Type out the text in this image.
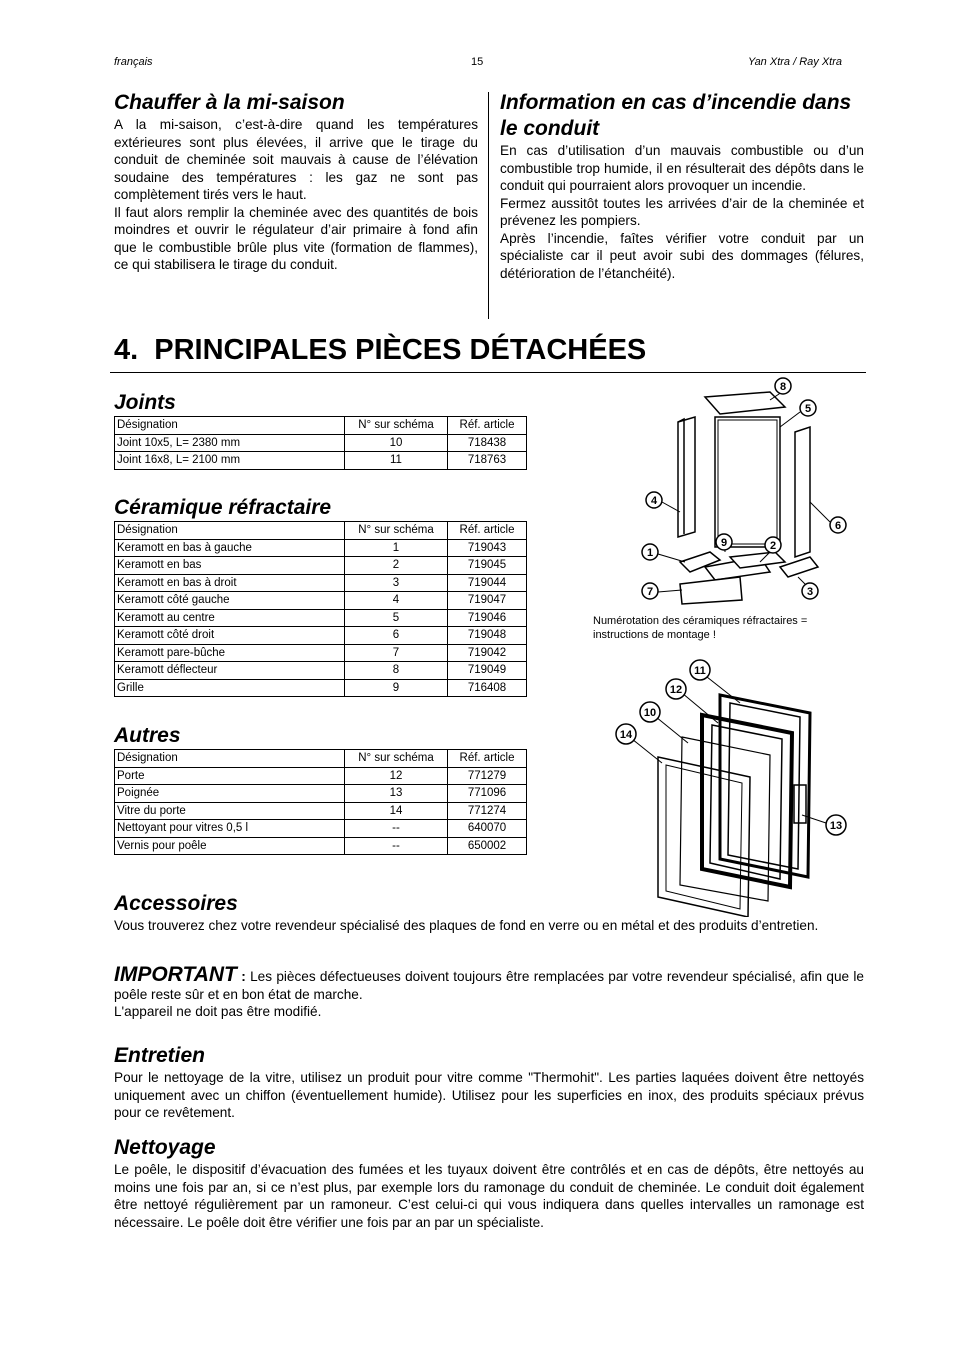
français	15	Yan Xtra / Ray Xtra
Chauffer à la mi-saison

A la mi-saison, c’est-à-dire quand les températures extérieures sont plus élevées, il arrive que le tirage du conduit de cheminée soit mauvais à cause de l’élévation soudaine des températures : les gaz ne sont pas complètement tirés vers le haut.

Il faut alors remplir la cheminée avec des quantités de bois moindres et ouvrir le régulateur d’air primaire à fond afin que le combustible brûle plus vite (formation de flammes), ce qui stabilisera le tirage du conduit.

Information en cas d’incendie dans le conduit

En cas d’utilisation d’un mauvais combustible ou d’un combustible trop humide, il en résulterait des dépôts dans le conduit qui pourraient alors provoquer un incendie.

Fermez aussitôt toutes les arrivées d’air de la cheminée et prévenez les pompiers.

Après l’incendie, faîtes vérifier votre conduit par un spécialiste car il peut avoir subi des dommages (félures, détérioration de l’étanchéité).

4. PRINCIPALES PIÈCES DÉTACHÉES
Joints
Désignation	N° sur schéma	Réf. article
Joint 10x5, L= 2380 mm	10	718438
Joint 16x8, L= 2100 mm	11	718763
Céramique réfractaire
Désignation	N° sur schéma	Réf. article
Keramott en bas à gauche	1	719043
Keramott en bas	2	719045
Keramott en bas à droit	3	719044
Keramott côté gauche	4	719047
Keramott au centre	5	719046
Keramott côté droit	6	719048
Keramott pare-bûche	7	719042
Keramott déflecteur	8	719049
Grille	9	716408
Autres
Désignation	N° sur schéma	Réf. article
Porte	12	771279
Poignée	13	771096
Vitre du porte	14	771274
Nettoyant pour vitres 0,5 l	--	640070
Vernis pour poêle	--	650002
8
5
4
6
9	2
1
7	3
Numérotation des céramiques réfractaires = instructions de montage !
11
12
10
14
13
Accessoires

Vous trouverez chez votre revendeur spécialisé des plaques de fond en verre ou en métal et des produits d’entretien.

IMPORTANT : Les pièces défectueuses doivent toujours être remplacées par votre revendeur spécialisé, afin que le poêle reste sûr et en bon état de marche.

L'appareil ne doit pas être modifié.

Entretien

Pour le nettoyage de la vitre, utilisez un produit pour vitre comme "Thermohit". Les parties laquées doivent être nettoyés uniquement avec un chiffon (éventuellement humide). Utilisez pour les superficies en inox, des produits spéciaux prévus pour ce revêtement.

Nettoyage

Le poêle, le dispositif d’évacuation des fumées et les tuyaux doivent être contrôlés et en cas de dépôts, être nettoyés au moins une fois par an, si ce n’est plus, par exemple lors du ramonage du conduit de cheminée. Le conduit doit également être nettoyé régulièrement par un ramoneur. C’est celui-ci qui vous indiquera dans quelles intervalles un ramonage est nécessaire. Le poêle doit être vérifier une fois par an par un spécialiste.
